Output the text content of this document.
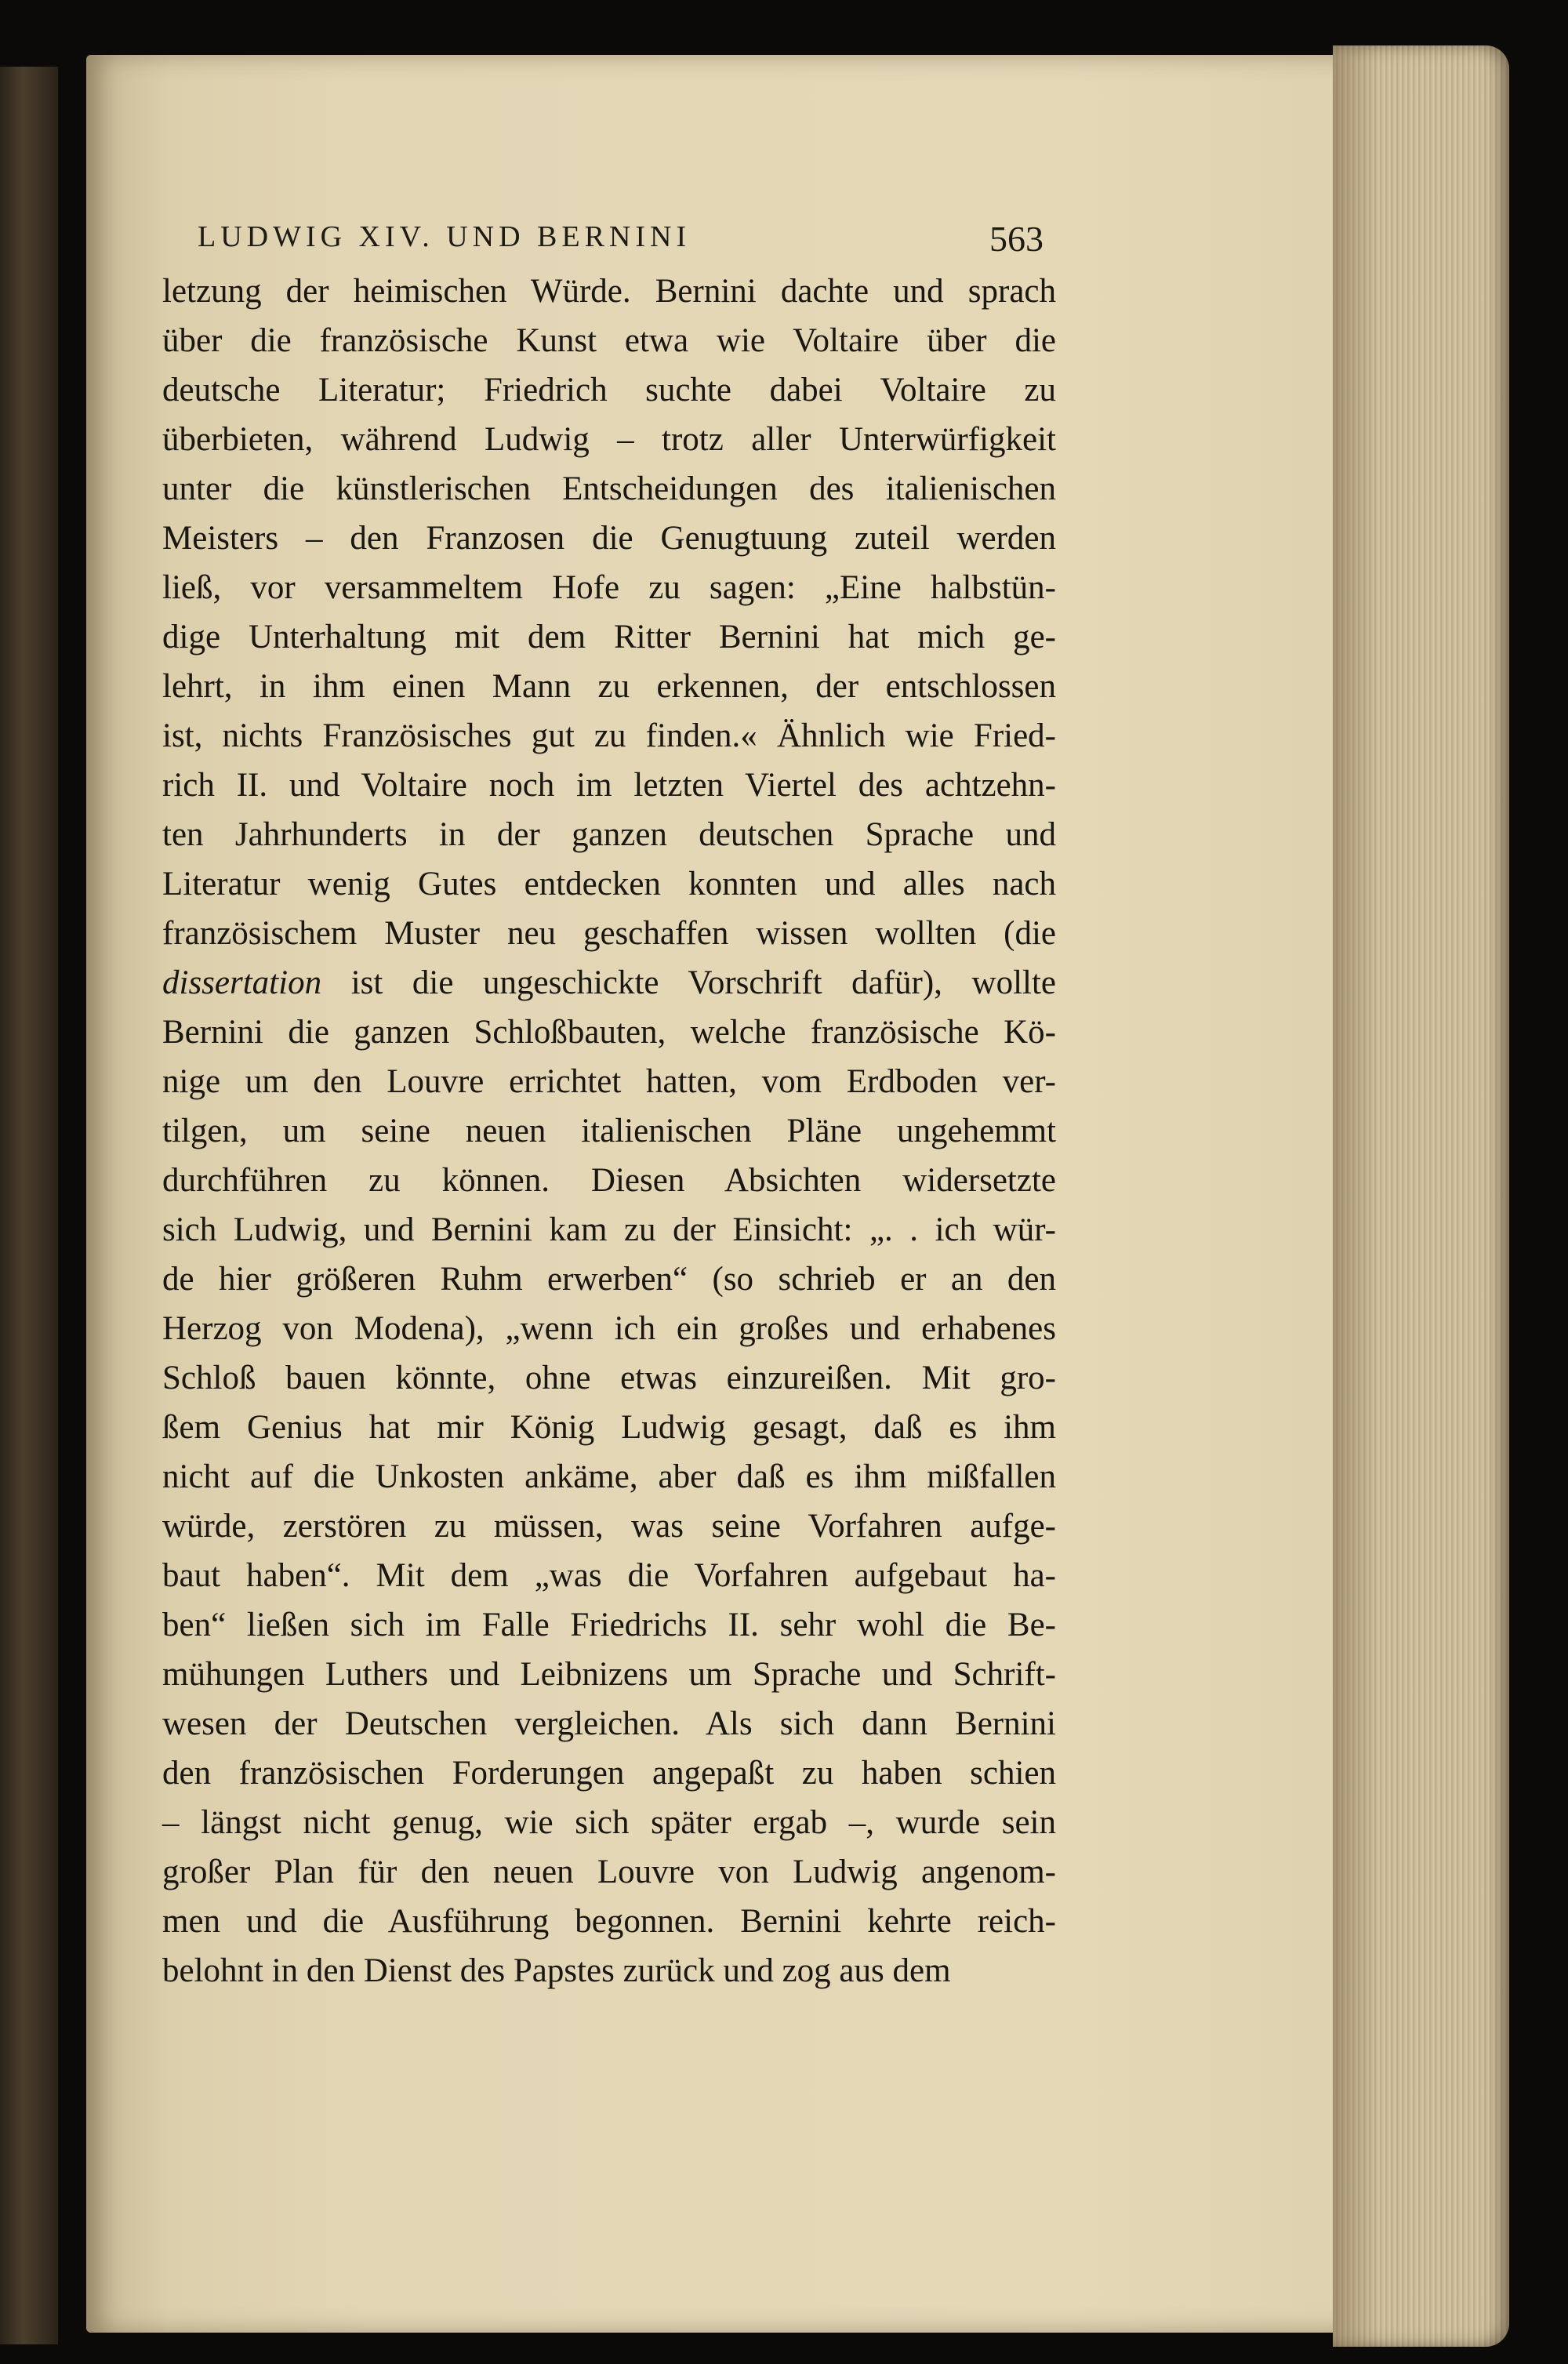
LUDWIG XIV. UND BERNINI	563
letzung der heimischen Würde. Bernini dachte und sprach
über die französische Kunst etwa wie Voltaire über die
deutsche Literatur; Friedrich suchte dabei Voltaire zu
überbieten, während Ludwig – trotz aller Unterwürfigkeit
unter die künstlerischen Entscheidungen des italienischen
Meisters – den Franzosen die Genugtuung zuteil werden
ließ, vor versammeltem Hofe zu sagen: „Eine halbstün-
dige Unterhaltung mit dem Ritter Bernini hat mich ge-
lehrt, in ihm einen Mann zu erkennen, der entschlossen
ist, nichts Französisches gut zu finden.« Ähnlich wie Fried-
rich II. und Voltaire noch im letzten Viertel des achtzehn-
ten Jahrhunderts in der ganzen deutschen Sprache und
Literatur wenig Gutes entdecken konnten und alles nach
französischem Muster neu geschaffen wissen wollten (die
dissertation ist die ungeschickte Vorschrift dafür), wollte
Bernini die ganzen Schloßbauten, welche französische Kö-
nige um den Louvre errichtet hatten, vom Erdboden ver-
tilgen, um seine neuen italienischen Pläne ungehemmt
durchführen zu können. Diesen Absichten widersetzte
sich Ludwig, und Bernini kam zu der Einsicht: „. . ich wür-
de hier größeren Ruhm erwerben“ (so schrieb er an den
Herzog von Modena), „wenn ich ein großes und erhabenes
Schloß bauen könnte, ohne etwas einzureißen. Mit gro-
ßem Genius hat mir König Ludwig gesagt, daß es ihm
nicht auf die Unkosten ankäme, aber daß es ihm mißfallen
würde, zerstören zu müssen, was seine Vorfahren aufge-
baut haben“. Mit dem „was die Vorfahren aufgebaut ha-
ben“ ließen sich im Falle Friedrichs II. sehr wohl die Be-
mühungen Luthers und Leibnizens um Sprache und Schrift-
wesen der Deutschen vergleichen. Als sich dann Bernini
den französischen Forderungen angepaßt zu haben schien
– längst nicht genug, wie sich später ergab –, wurde sein
großer Plan für den neuen Louvre von Ludwig angenom-
men und die Ausführung begonnen. Bernini kehrte reich-
belohnt in den Dienst des Papstes zurück und zog aus dem
